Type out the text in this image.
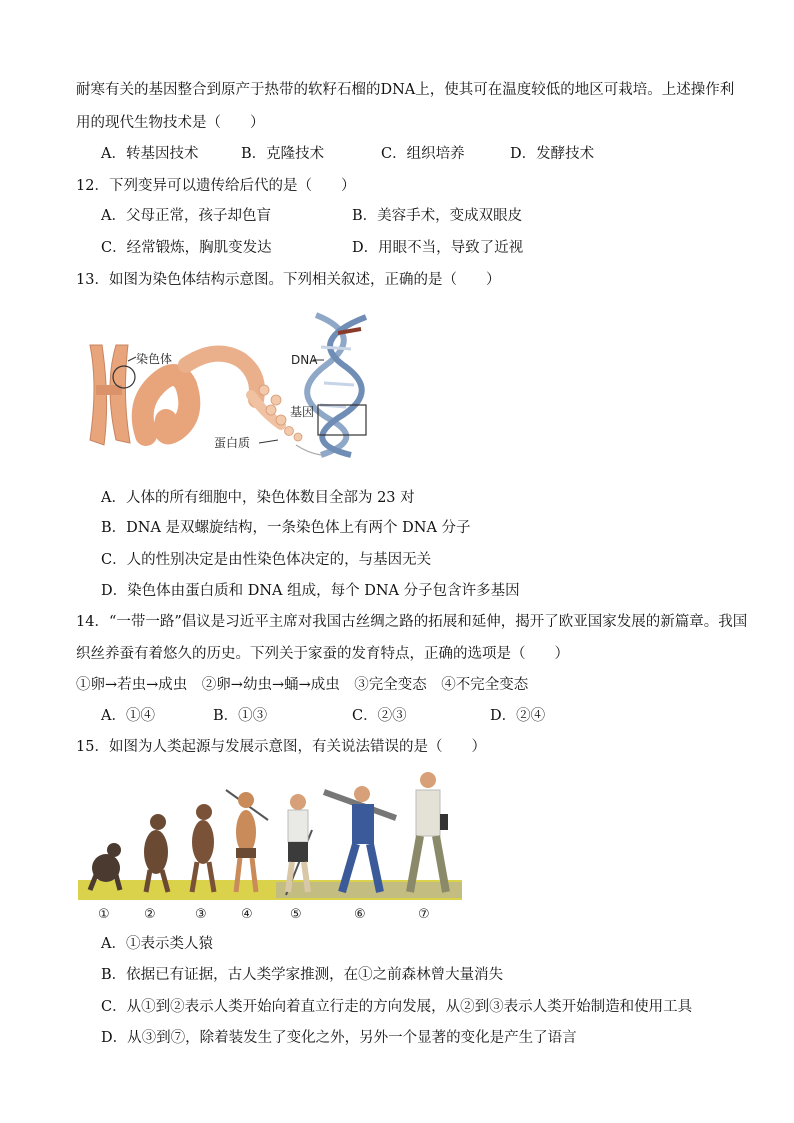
耐寒有关的基因整合到原产于热带的软籽石榴的DNA上，使其可在温度较低的地区可栽培。上述操作利
用的现代生物技术是（　　）
A．转基因技术	B．克隆技术	C．组织培养	D．发酵技术
12．下列变异可以遗传给后代的是（　　）
A．父母正常，孩子却色盲	B．美容手术，变成双眼皮
C．经常锻炼，胸肌变发达	D．用眼不当，导致了近视
13．如图为染色体结构示意图。下列相关叙述，正确的是（　　）
染色体
蛋白质
DNA
基因
A．人体的所有细胞中，染色体数目全部为 23 对
B．DNA 是双螺旋结构，一条染色体上有两个 DNA 分子
C．人的性别决定是由性染色体决定的，与基因无关
D．染色体由蛋白质和 DNA 组成，每个 DNA 分子包含许多基因
14．“一带一路”倡议是习近平主席对我国古丝绸之路的拓展和延伸，揭开了欧亚国家发展的新篇章。我国
织丝养蚕有着悠久的历史。下列关于家蚕的发育特点，正确的选项是（　　）
①卵→若虫→成虫　②卵→幼虫→蛹→成虫　③完全变态　④不完全变态
A．①④	B．①③	C．②③	D．②④
15．如图为人类起源与发展示意图，有关说法错误的是（　　）
①	②	③	④	⑤	⑥	⑦
A．①表示类人猿
B．依据已有证据，古人类学家推测，在①之前森林曾大量消失
C．从①到②表示人类开始向着直立行走的方向发展，从②到③表示人类开始制造和使用工具
D．从③到⑦，除着装发生了变化之外，另外一个显著的变化是产生了语言
